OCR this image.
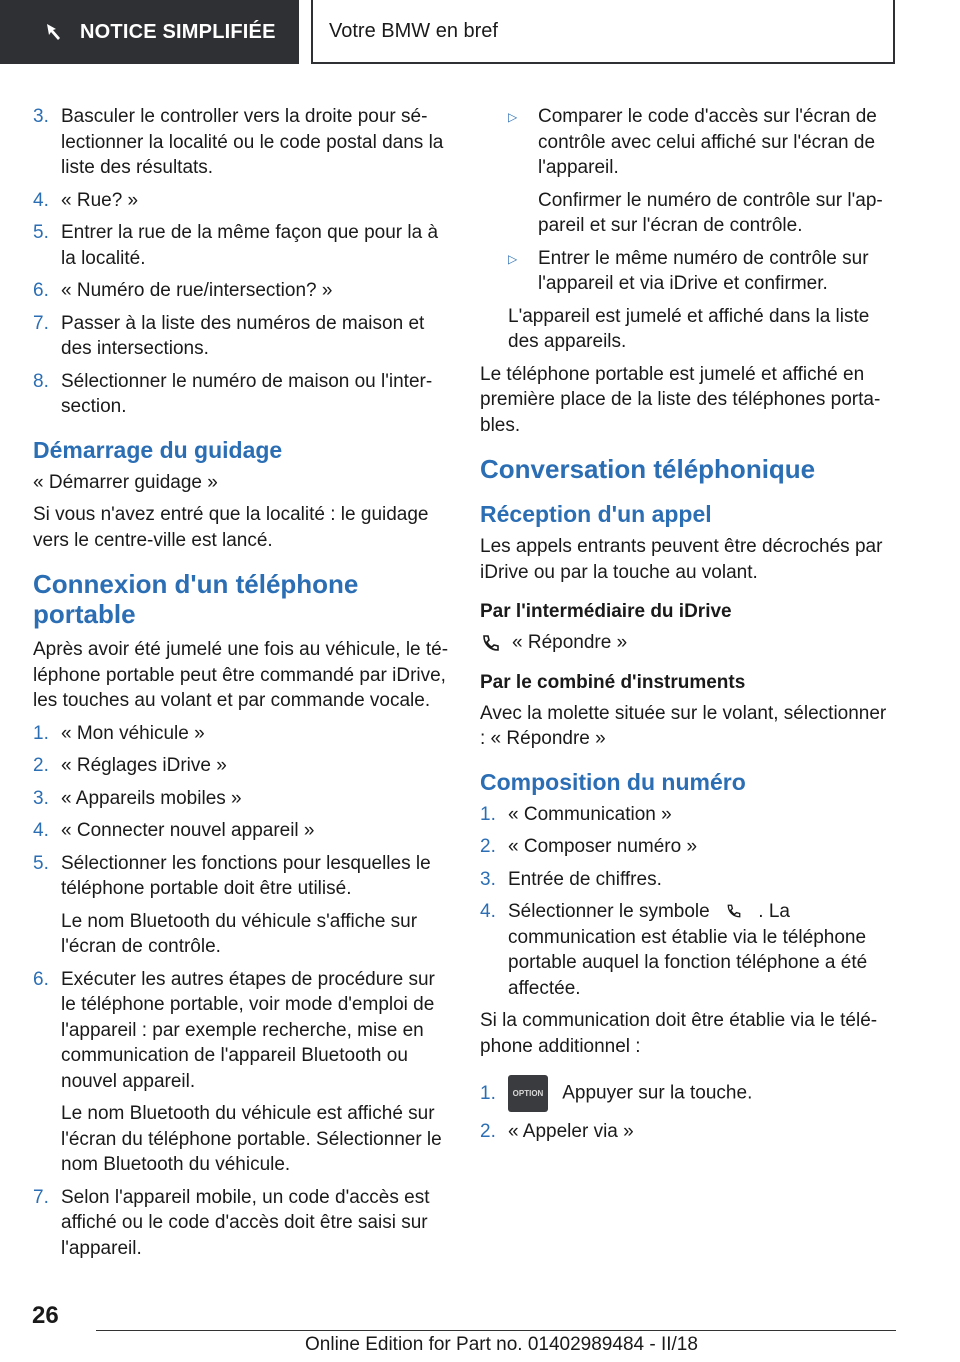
NOTICE SIMPLIFIÉE	Votre BMW en bref
3. Basculer le controller vers la droite pour sélectionner la localité ou le code postal dans la liste des résultats.
4. « Rue? »
5. Entrer la rue de la même façon que pour la à la localité.
6. « Numéro de rue/intersection? »
7. Passer à la liste des numéros de maison et des intersections.
8. Sélectionner le numéro de maison ou l'intersection.
Démarrage du guidage

« Démarrer guidage »

Si vous n'avez entré que la localité : le guidage vers le centre-ville est lancé.

Connexion d'un téléphone portable

Après avoir été jumelé une fois au véhicule, le téléphone portable peut être commandé par iDrive, les touches au volant et par commande vocale.

1. « Mon véhicule »
2. « Réglages iDrive »
3. « Appareils mobiles »
4. « Connecter nouvel appareil »
5. Sélectionner les fonctions pour lesquelles le téléphone portable doit être utilisé.
Le nom Bluetooth du véhicule s'affiche sur l'écran de contrôle.
6. Exécuter les autres étapes de procédure sur le téléphone portable, voir mode d'emploi de l'appareil : par exemple recherche, mise en communication de l'appareil Bluetooth ou nouvel appareil.
Le nom Bluetooth du véhicule est affiché sur l'écran du téléphone portable. Sélectionner le nom Bluetooth du véhicule.
7. Selon l'appareil mobile, un code d'accès est affiché ou le code d'accès doit être saisi sur l'appareil.
▷	Comparer le code d'accès sur l'écran de contrôle avec celui affiché sur l'écran de l'appareil.
Confirmer le numéro de contrôle sur l'appareil et sur l'écran de contrôle.
▷	Entrer le même numéro de contrôle sur l'appareil et via iDrive et confirmer.
L'appareil est jumelé et affiché dans la liste des appareils.

Le téléphone portable est jumelé et affiché en première place de la liste des téléphones portables.

Conversation téléphonique
Réception d'un appel

Les appels entrants peuvent être décrochés par iDrive ou par la touche au volant.

Par l'intermédiaire du iDrive
« Répondre »
Par le combiné d'instruments

Avec la molette située sur le volant, sélectionner : « Répondre »

Composition du numéro
1. « Communication »
2. « Composer numéro »
3. Entrée de chiffres.
4. Sélectionner le symbole	. La communication est établie via le téléphone portable auquel la fonction téléphone a été affectée.

Si la communication doit être établie via le téléphone additionnel :

1.	OPTION Appuyer sur la touche.
2. « Appeler via »
26
Online Edition for Part no. 01402989484 - II/18
